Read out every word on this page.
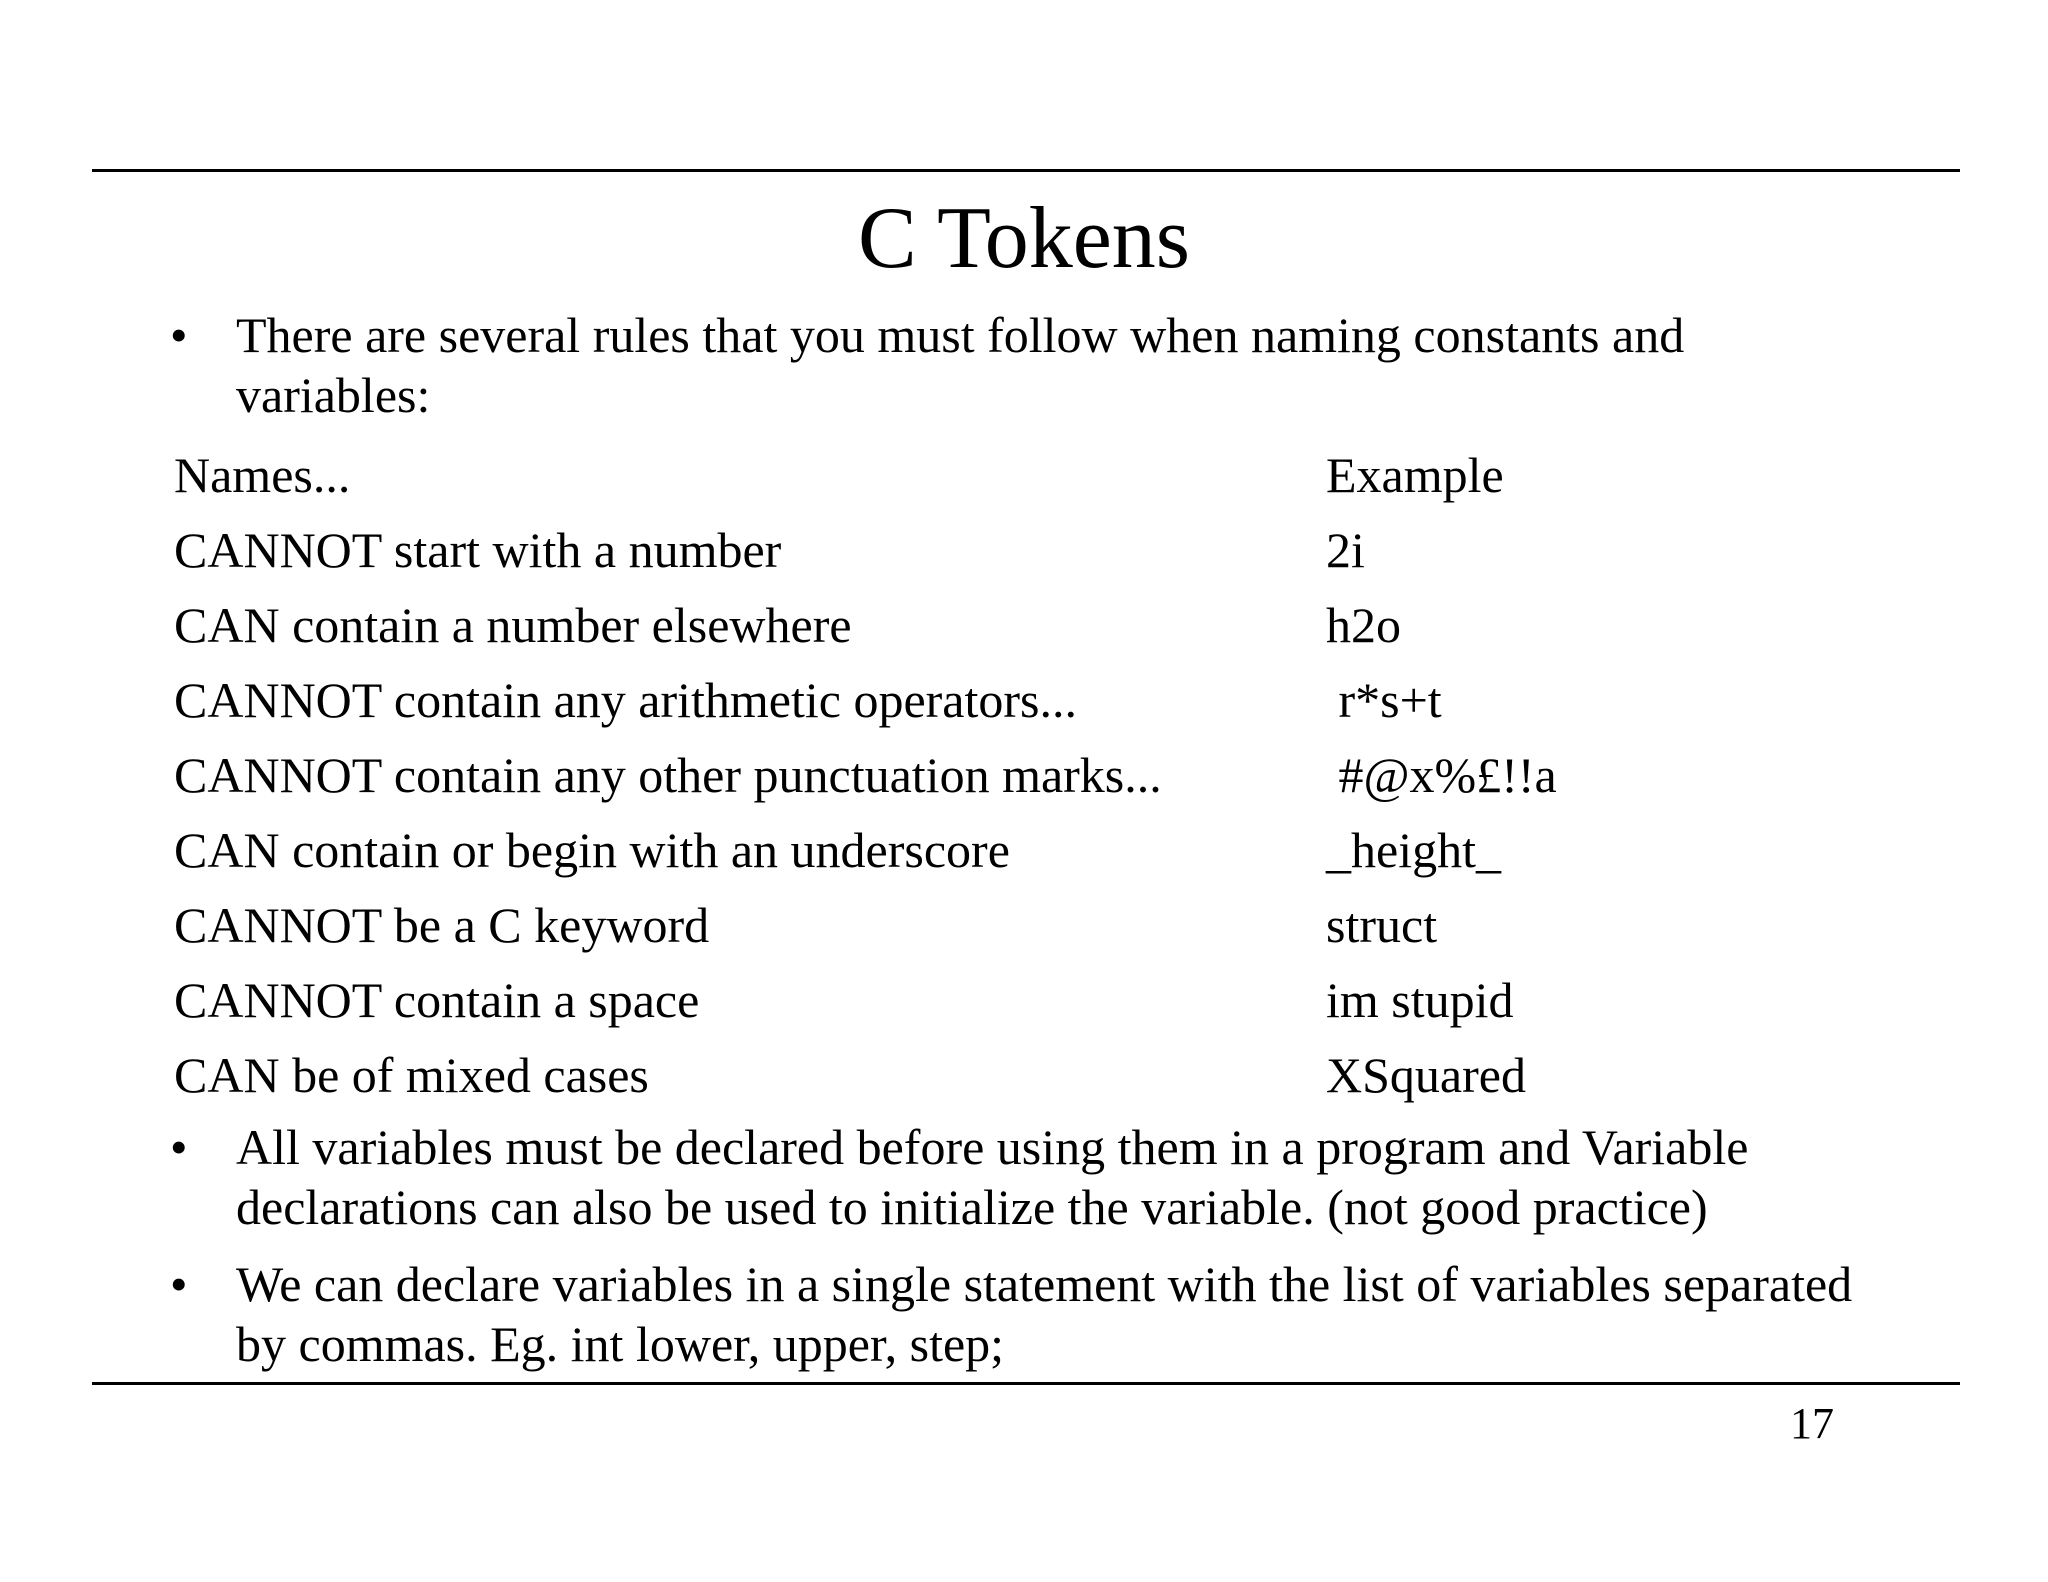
C Tokens
• There are several rules that you must follow when naming constants and variables:
Names...	Example
CANNOT start with a number	2i
CAN contain a number elsewhere	h2o
CANNOT contain any arithmetic operators...	r*s+t
CANNOT contain any other punctuation marks...	#@x%£!!a
CAN contain or begin with an underscore	_height_
CANNOT be a C keyword	struct
CANNOT contain a space	im stupid
CAN be of mixed cases	XSquared
• All variables must be declared before using them in a program and Variable declarations can also be used to initialize the variable. (not good practice)
• We can declare variables in a single statement with the list of variables separated by commas. Eg. int lower, upper, step;
17
